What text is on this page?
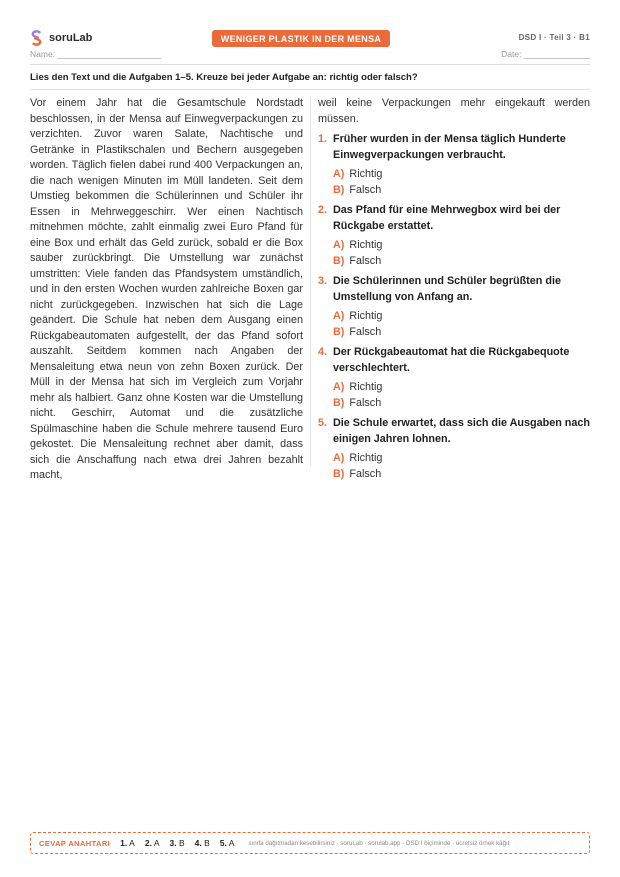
soruLab	WENIGER PLASTIK IN DER MENSA	DSD I · Teil 3 · B1
Name: ______________________	Date: ______________
Lies den Text und die Aufgaben 1–5. Kreuze bei jeder Aufgabe an: richtig oder falsch?
Vor einem Jahr hat die Gesamtschule Nordstadt beschlossen, in der Mensa auf Einwegverpackungen zu verzichten. Zuvor waren Salate, Nachtische und Getränke in Plastikschalen und Bechern ausgegeben worden. Täglich fielen dabei rund 400 Verpackungen an, die nach wenigen Minuten im Müll landeten. Seit dem Umstieg bekommen die Schülerinnen und Schüler ihr Essen in Mehrweggeschirr. Wer einen Nachtisch mitnehmen möchte, zahlt einmalig zwei Euro Pfand für eine Box und erhält das Geld zurück, sobald er die Box sauber zurückbringt. Die Umstellung war zunächst umstritten: Viele fanden das Pfandsystem umständlich, und in den ersten Wochen wurden zahlreiche Boxen gar nicht zurückgegeben. Inzwischen hat sich die Lage geändert. Die Schule hat neben dem Ausgang einen Rückgabeautomaten aufgestellt, der das Pfand sofort auszahlt. Seitdem kommen nach Angaben der Mensaleitung etwa neun von zehn Boxen zurück. Der Müll in der Mensa hat sich im Vergleich zum Vorjahr mehr als halbiert. Ganz ohne Kosten war die Umstellung nicht. Geschirr, Automat und die zusätzliche Spülmaschine haben die Schule mehrere tausend Euro gekostet. Die Mensaleitung rechnet aber damit, dass sich die Anschaffung nach etwa drei Jahren bezahlt macht,
weil keine Verpackungen mehr eingekauft werden müssen.
1. Früher wurden in der Mensa täglich Hunderte Einwegverpackungen verbraucht.
A) Richtig
B) Falsch
2. Das Pfand für eine Mehrwegbox wird bei der Rückgabe erstattet.
A) Richtig
B) Falsch
3. Die Schülerinnen und Schüler begrüßten die Umstellung von Anfang an.
A) Richtig
B) Falsch
4. Der Rückgabeautomat hat die Rückgabequote verschlechtert.
A) Richtig
B) Falsch
5. Die Schule erwartet, dass sich die Ausgaben nach einigen Jahren lohnen.
A) Richtig
B) Falsch
CEVAP ANAHTARI 1. A 2. A 3. B 4. B 5. A sınıfa dağıtmadan kesebilirsiniz · soruLab · sorulab.app · DSD I biçiminde · ücretsiz örnek kâğıt
